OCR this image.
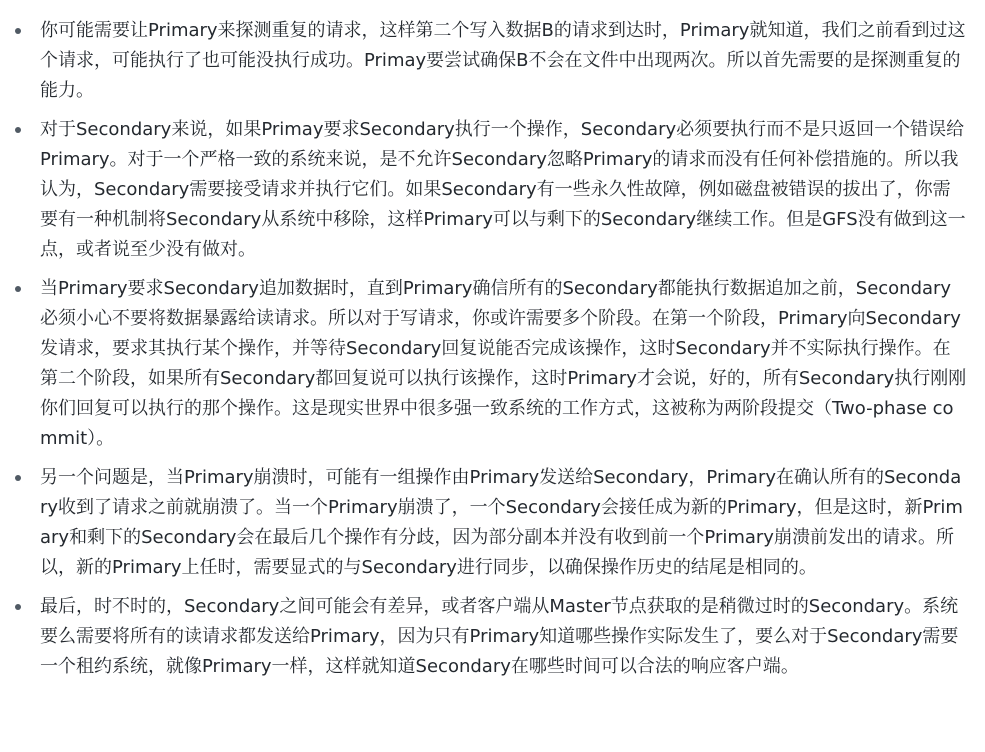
你可能需要让Primary来探测重复的请求，这样第二个写入数据B的请求到达时，Primary就知道，我们之前看到过这个请求，可能执行了也可能没执行成功。Primay要尝试确保B不会在文件中出现两次。所以首先需要的是探测重复的能力。
对于Secondary来说，如果Primay要求Secondary执行一个操作，Secondary必须要执行而不是只返回一个错误给Primary。对于一个严格一致的系统来说，是不允许Secondary忽略Primary的请求而没有任何补偿措施的。所以我认为，Secondary需要接受请求并执行它们。如果Secondary有一些永久性故障，例如磁盘被错误的拔出了，你需要有一种机制将Secondary从系统中移除，这样Primary可以与剩下的Secondary继续工作。但是GFS没有做到这一点，或者说至少没有做对。
当Primary要求Secondary追加数据时，直到Primary确信所有的Secondary都能执行数据追加之前，Secondary必须小心不要将数据暴露给读请求。所以对于写请求，你或许需要多个阶段。在第一个阶段，Primary向Secondary发请求，要求其执行某个操作，并等待Secondary回复说能否完成该操作，这时Secondary并不实际执行操作。在第二个阶段，如果所有Secondary都回复说可以执行该操作，这时Primary才会说，好的，所有Secondary执行刚刚你们回复可以执行的那个操作。这是现实世界中很多强一致系统的工作方式，这被称为两阶段提交（Two-phase commit）。
另一个问题是，当Primary崩溃时，可能有一组操作由Primary发送给Secondary，Primary在确认所有的Secondary收到了请求之前就崩溃了。当一个Primary崩溃了，一个Secondary会接任成为新的Primary，但是这时，新Primary和剩下的Secondary会在最后几个操作有分歧，因为部分副本并没有收到前一个Primary崩溃前发出的请求。所以，新的Primary上任时，需要显式的与Secondary进行同步，以确保操作历史的结尾是相同的。
最后，时不时的，Secondary之间可能会有差异，或者客户端从Master节点获取的是稍微过时的Secondary。系统要么需要将所有的读请求都发送给Primary，因为只有Primary知道哪些操作实际发生了，要么对于Secondary需要一个租约系统，就像Primary一样，这样就知道Secondary在哪些时间可以合法的响应客户端。
